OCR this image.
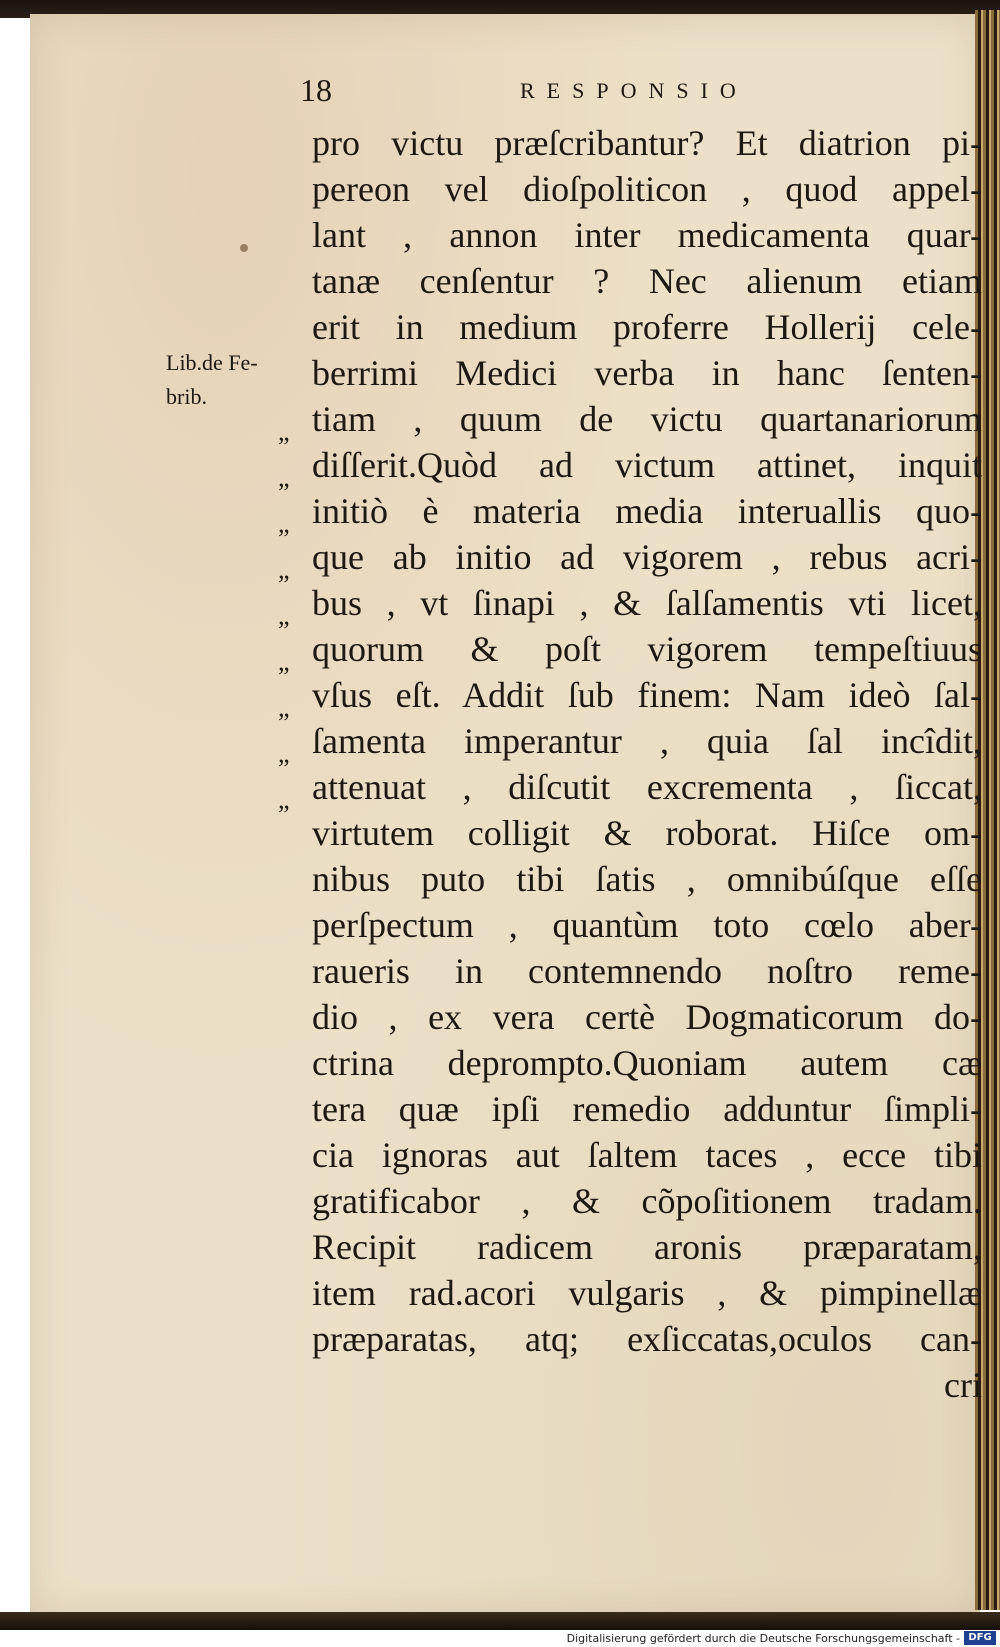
18	RESPONSIO
Lib.de Fe-
brib.
”
”
”
”
”
”
”
”
”
pro victu præſcribantur? Et diatrion pi-
pereon vel dioſpoliticon , quod appel-
lant , annon inter medicamenta quar-
tanæ cenſentur ? Nec alienum etiam
erit in medium proferre Hollerij cele-
berrimi Medici verba in hanc ſenten-
tiam , quum de victu quartanariorum
diſſerit.Quòd ad victum attinet, inquit
initiò è materia media interuallis quo-
que ab initio ad vigorem , rebus acri-
bus , vt ſinapi , & ſalſamentis vti licet,
quorum & poſt vigorem tempeſtiuus
vſus eſt. Addit ſub finem: Nam ideò ſal-
ſamenta imperantur , quia ſal incîdit,
attenuat , diſcutit excrementa , ſiccat,
virtutem colligit & roborat. Hiſce om-
nibus puto tibi ſatis , omnibúſque eſſe
perſpectum , quantùm toto cœlo aber-
raueris in contemnendo noſtro reme-
dio , ex vera certè Dogmaticorum do-
ctrina deprompto.Quoniam autem cæ
tera quæ ipſi remedio adduntur ſimpli-
cia ignoras aut ſaltem taces , ecce tibi
gratificabor , & cõpoſitionem tradam.
Recipit radicem aronis præparatam,
item rad.acori vulgaris , & pimpinellæ
præparatas, atq; exſiccatas,oculos can-
cri
Digitalisierung gefördert durch die Deutsche Forschungsgemeinschaft - DFG
